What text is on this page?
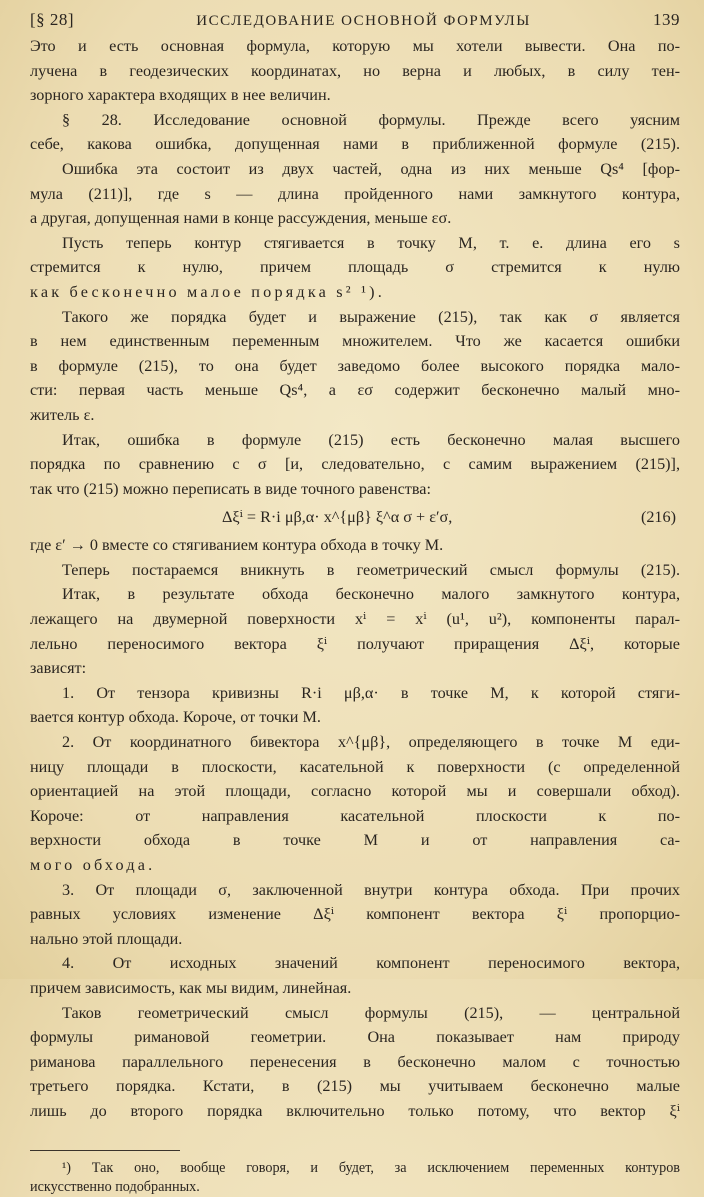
[§ 28]	ИССЛЕДОВАНИЕ ОСНОВНОЙ ФОРМУЛЫ	139
Это и есть основная формула, которую мы хотели вывести. Она по-
лучена в геодезических координатах, но верна и любых, в силу тен-
зорного характера входящих в нее величин.
§ 28. Исследование основной формулы. Прежде всего уясним
себе, какова ошибка, допущенная нами в приближенной формуле (215).
Ошибка эта состоит из двух частей, одна из них меньше Qs⁴ [фор-
мула (211)], где s — длина пройденного нами замкнутого контура,
а другая, допущенная нами в конце рассуждения, меньше εσ.
Пусть теперь контур стягивается в точку M, т. е. длина его s
стремится к нулю, причем площадь σ стремится к нулю
как бесконечно малое порядка s² ¹).
Такого же порядка будет и выражение (215), так как σ является
в нем единственным переменным множителем. Что же касается ошибки
в формуле (215), то она будет заведомо более высокого порядка мало-
сти: первая часть меньше Qs⁴, а εσ содержит бесконечно малый мно-
житель ε.
Итак, ошибка в формуле (215) есть бесконечно малая высшего
порядка по сравнению с σ [и, следовательно, с самим выражением (215)],
так что (215) можно переписать в виде точного равенства:
Δξⁱ = R·i μβ,α· x^{μβ} ξ^α σ + ε′σ,	(216)
где ε′ → 0 вместе со стягиванием контура обхода в точку M.
Теперь постараемся вникнуть в геометрический смысл формулы (215).
Итак, в результате обхода бесконечно малого замкнутого контура,
лежащего на двумерной поверхности xⁱ = xⁱ (u¹, u²), компоненты парал-
лельно переносимого вектора ξⁱ получают приращения Δξⁱ, которые
зависят:
1. От тензора кривизны R·i μβ,α· в точке M, к которой стяги-
вается контур обхода. Короче, от точки M.
2. От координатного бивектора x^{μβ}, определяющего в точке M еди-
ницу площади в плоскости, касательной к поверхности (с определенной
ориентацией на этой площади, согласно которой мы и совершали обход).
Короче: от направления касательной плоскости к по-
верхности обхода в точке M и от направления са-
мого обхода.
3. От площади σ, заключенной внутри контура обхода. При прочих
равных условиях изменение Δξⁱ компонент вектора ξⁱ пропорцио-
нально этой площади.
4. От исходных значений компонент переносимого вектора,
причем зависимость, как мы видим, линейная.
Таков геометрический смысл формулы (215), — центральной
формулы римановой геометрии. Она показывает нам природу
риманова параллельного перенесения в бесконечно малом с точностью
третьего порядка. Кстати, в (215) мы учитываем бесконечно малые
лишь до второго порядка включительно только потому, что вектор ξⁱ
¹) Так оно, вообще говоря, и будет, за исключением переменных контуров
искусственно подобранных.
